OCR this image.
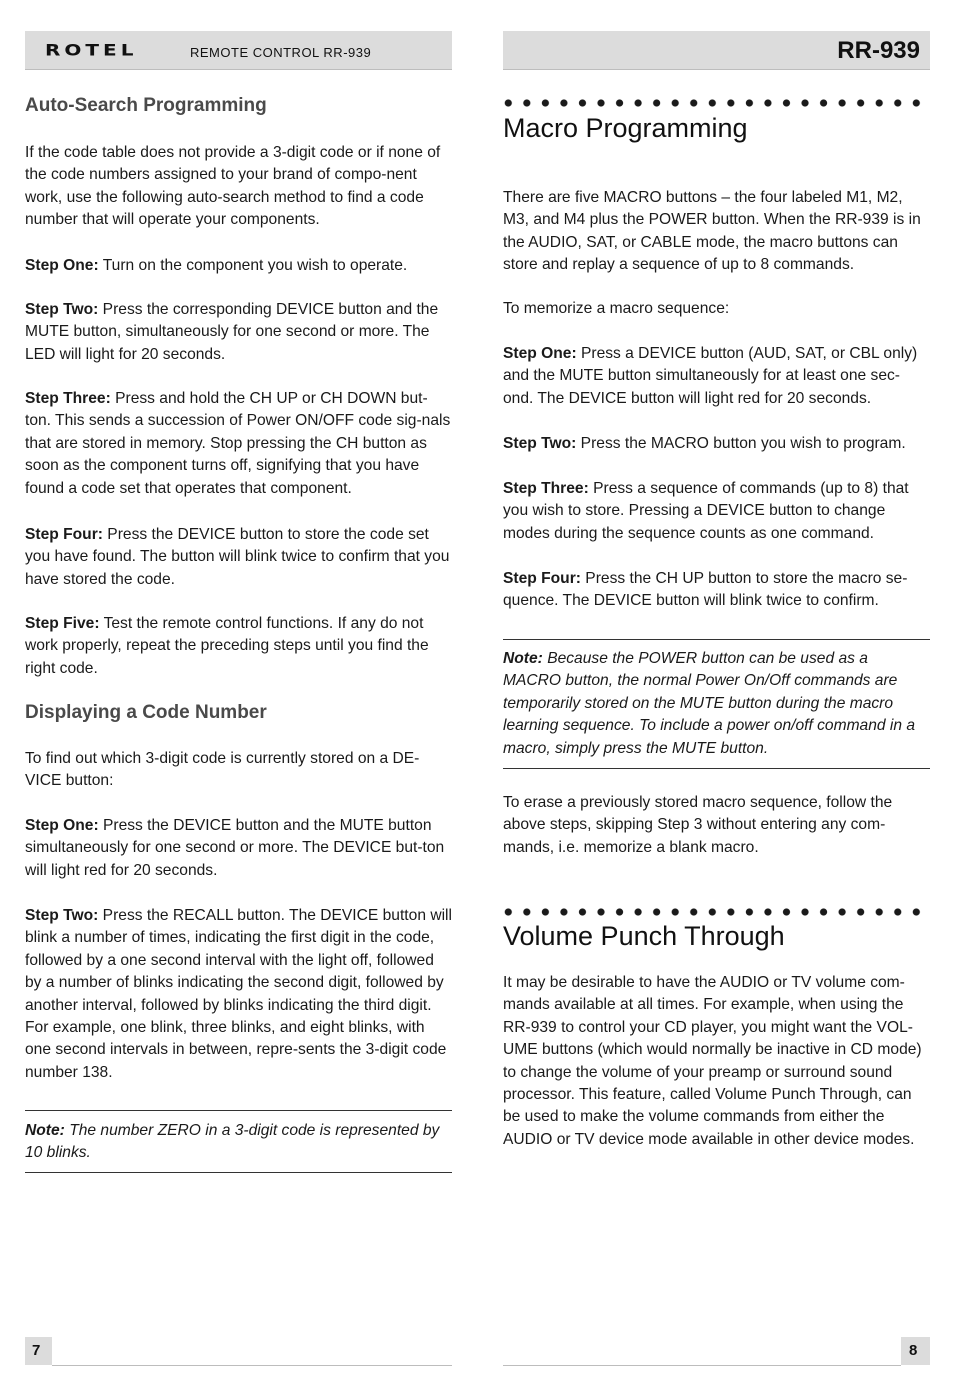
ROTEL	REMOTE CONTROL RR-939	RR-939
Auto-Search Programming

If the code table does not provide a 3-digit code or if none of the code numbers assigned to your brand of compo-nent work, use the following auto-search method to find a code number that will operate your components.

Step One: Turn on the component you wish to operate.

Step Two: Press the corresponding DEVICE button and the MUTE button, simultaneously for one second or more. The LED will light for 20 seconds.

Step Three: Press and hold the CH UP or CH DOWN but-ton. This sends a succession of Power ON/OFF code sig-nals that are stored in memory. Stop pressing the CH button as soon as the component turns off, signifying that you have found a code set that operates that component.

Step Four: Press the DEVICE button to store the code set you have found. The button will blink twice to confirm that you have stored the code.

Step Five: Test the remote control functions. If any do not work properly, repeat the preceding steps until you find the right code.

Displaying a Code Number

To find out which 3-digit code is currently stored on a DE-VICE button:

Step One: Press the DEVICE button and the MUTE button simultaneously for one second or more. The DEVICE but-ton will light red for 20 seconds.

Step Two: Press the RECALL button. The DEVICE button will blink a number of times, indicating the first digit in the code, followed by a one second interval with the light off, followed by a number of blinks indicating the second digit, followed by another interval, followed by blinks indicating the third digit. For example, one blink, three blinks, and eight blinks, with one second intervals in between, repre-sents the 3-digit code number 138.

Note: The number ZERO in a 3-digit code is represented by 10 blinks.

Macro Programming

There are five MACRO buttons – the four labeled M1, M2, M3, and M4 plus the POWER button. When the RR-939 is in the AUDIO, SAT, or CABLE mode, the macro buttons can store and replay a sequence of up to 8 commands.

To memorize a macro sequence:

Step One: Press a DEVICE button (AUD, SAT, or CBL only) and the MUTE button simultaneously for at least one sec-ond. The DEVICE button will light red for 20 seconds.

Step Two: Press the MACRO button you wish to program.

Step Three: Press a sequence of commands (up to 8) that you wish to store. Pressing a DEVICE button to change modes during the sequence counts as one command.

Step Four: Press the CH UP button to store the macro se-quence. The DEVICE button will blink twice to confirm.

Note: Because the POWER button can be used as a MACRO button, the normal Power On/Off commands are temporarily stored on the MUTE button during the macro learning sequence. To include a power on/off command in a macro, simply press the MUTE button.

To erase a previously stored macro sequence, follow the above steps, skipping Step 3 without entering any com-mands, i.e. memorize a blank macro.

Volume Punch Through

It may be desirable to have the AUDIO or TV volume com-mands available at all times. For example, when using the RR-939 to control your CD player, you might want the VOL-UME buttons (which would normally be inactive in CD mode) to change the volume of your preamp or surround sound processor. This feature, called Volume Punch Through, can be used to make the volume commands from either the AUDIO or TV device mode available in other device modes.

7	8
